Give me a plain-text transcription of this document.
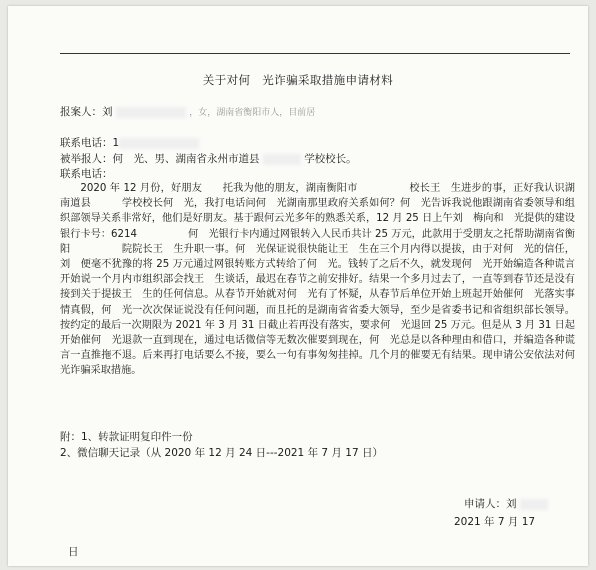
关于对何　光诈骗采取措施申请材料
报案人：刘	，女，湖南省衡阳市人，目前居
联系电话：1
被举报人：何　光、男、湖南省永州市道县	学校校长。
联系电话：
2020 年 12 月份，好朋友　　托我为他的朋友，湖南衡阳市　　　　　校长王　生进步的事，正好我认识湖南道县　　　学校校长何　光，我打电话问何　光湖南那里政府关系如何？何　光告诉我说他跟湖南省委领导和组织部领导关系非常好，他们是好朋友。基于跟何云光多年的熟悉关系，12 月 25 日上午刘　梅向和　光提供的建设银行卡号：6214　　　　　何　光银行卡内通过网银转入人民币共计 25 万元，此款用于受朋友之托帮助湖南省衡阳　　　　　院院长王　生升职一事。何　光保证说很快能让王　生在三个月内得以提拔，由于对何　光的信任，刘　便毫不犹豫的将 25 万元通过网银转账方式转给了何　光。钱转了之后不久，就发现何　光开始编造各种谎言开始说一个月内市组织部会找王　生谈话，最迟在春节之前安排好。结果一个多月过去了，一直等到春节还是没有接到关于提拔王　生的任何信息。从春节开始就对何　光有了怀疑，从春节后单位开始上班起开始催何　光落实事情真假，何　光一次次保证说没有任何问题，而且托的是湖南省省委大领导，至少是省委书记和省组织部长领导。按约定的最后一次期限为 2021 年 3 月 31 日截止若再没有落实，要求何　光退回 25 万元。但是从 3 月 31 日起开始催何　光退款一直到现在，通过电话微信等无数次催要到现在，何　光总是以各种理由和借口，并编造各种谎言一直推拖不退。后来再打电话要么不接，要么一句有事匆匆挂掉。几个月的催要无有结果。现申请公安依法对何　光诈骗采取措施。
附：1、转款证明复印件一份
2、微信聊天记录（从 2020 年 12 月 24 日---2021 年 7 月 17 日）
申请人：刘
2021 年 7 月 17
日
